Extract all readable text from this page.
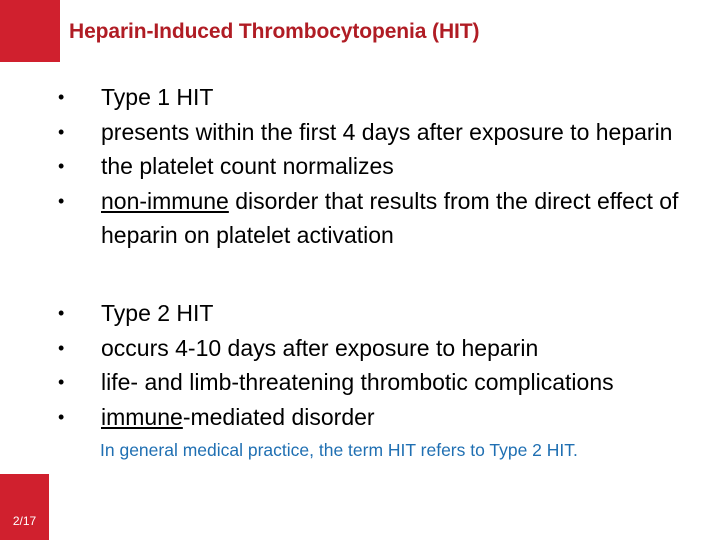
2/17
Heparin-Induced Thrombocytopenia (HIT)
• Type 1 HIT
• presents within the first 4 days after exposure to heparin
• the platelet count normalizes
• non-immune disorder that results from the direct effect of heparin on platelet activation
• Type 2 HIT
• occurs 4-10 days after exposure to heparin
• life- and limb-threatening thrombotic complications
• immune-mediated disorder
In general medical practice, the term HIT refers to Type 2 HIT.
